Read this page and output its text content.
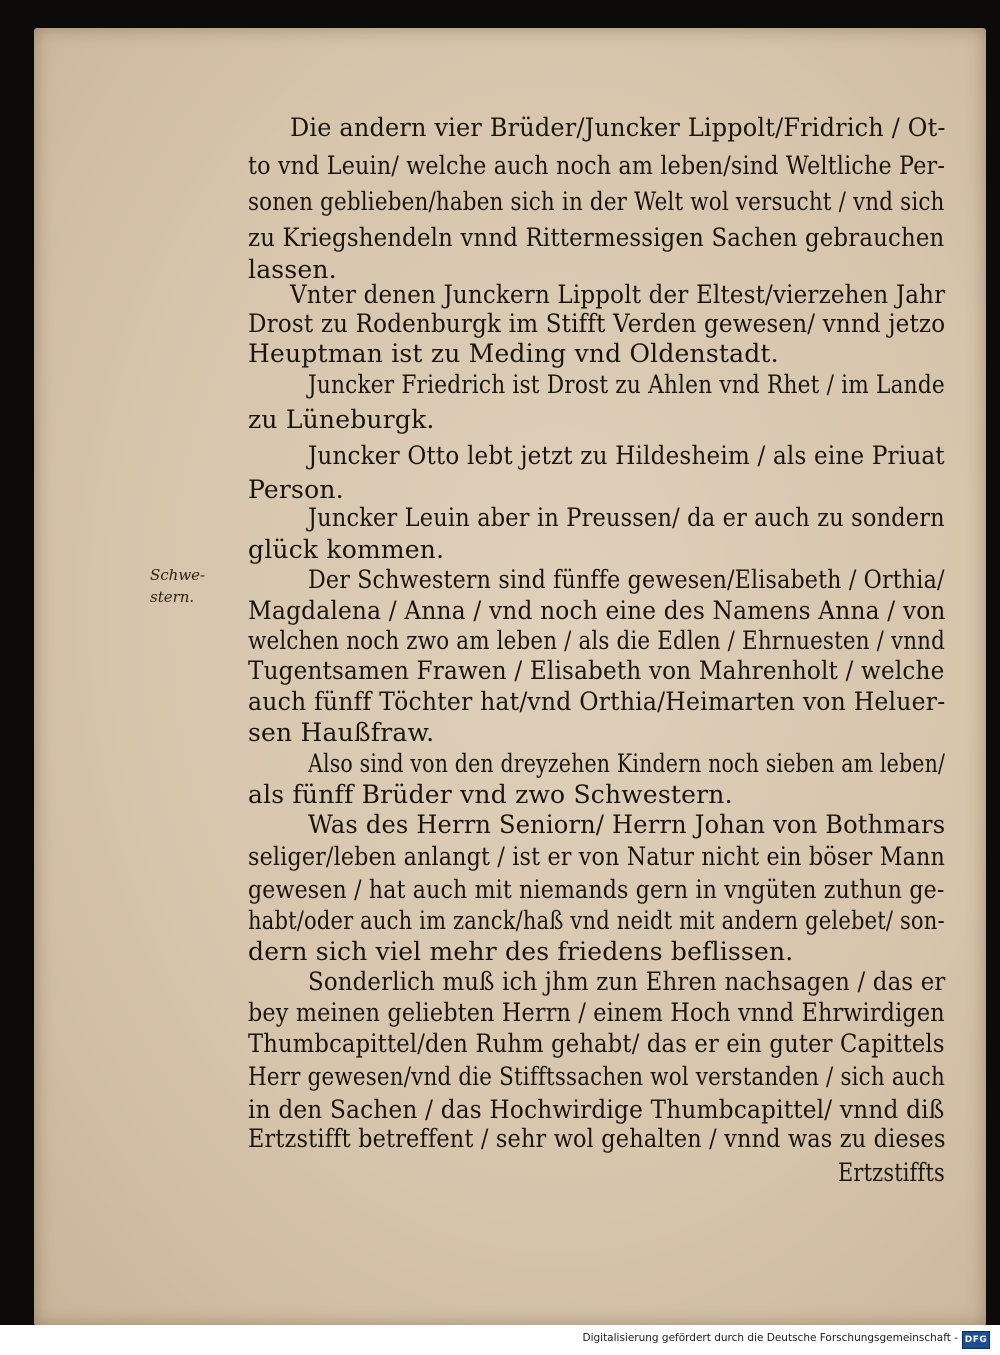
Die andern vier Brüder/Juncker Lippolt/Fridrich / Ot-

to vnd Leuin/ welche auch noch am leben/sind Weltliche Per-

sonen geblieben/haben sich in der Welt wol versucht / vnd sich

zu Kriegshendeln vnnd Rittermessigen Sachen gebrauchen

lassen.

Vnter denen Junckern Lippolt der Eltest/vierzehen Jahr

Drost zu Rodenburgk im Stifft Verden gewesen/ vnnd jetzo

Heuptman ist zu Meding vnd Oldenstadt.

Juncker Friedrich ist Drost zu Ahlen vnd Rhet / im Lande

zu Lüneburgk.

Juncker Otto lebt jetzt zu Hildesheim / als eine Priuat

Person.

Juncker Leuin aber in Preussen/ da er auch zu sondern

glück kommen.

Der Schwestern sind fünffe gewesen/Elisabeth / Orthia/

Magdalena / Anna / vnd noch eine des Namens Anna / von

welchen noch zwo am leben / als die Edlen / Ehrnuesten / vnnd

Tugentsamen Frawen / Elisabeth von Mahrenholt / welche

auch fünff Töchter hat/vnd Orthia/Heimarten von Heluer-

sen Haußfraw.

Also sind von den dreyzehen Kindern noch sieben am leben/

als fünff Brüder vnd zwo Schwestern.

Was des Herrn Seniorn/ Herrn Johan von Bothmars

seliger/leben anlangt / ist er von Natur nicht ein böser Mann

gewesen / hat auch mit niemands gern in vngüten zuthun ge-

habt/oder auch im zanck/haß vnd neidt mit andern gelebet/ son-

dern sich viel mehr des friedens beflissen.

Sonderlich muß ich jhm zun Ehren nachsagen / das er

bey meinen geliebten Herrn / einem Hoch vnnd Ehrwirdigen

Thumbcapittel/den Ruhm gehabt/ das er ein guter Capittels

Herr gewesen/vnd die Stifftssachen wol verstanden / sich auch

in den Sachen / das Hochwirdige Thumbcapittel/ vnnd diß

Ertzstifft betreffent / sehr wol gehalten / vnnd was zu dieses

Ertzstiffts

Schwe-

stern.

Digitalisierung gefördert durch die Deutsche Forschungsgemeinschaft - DFG
